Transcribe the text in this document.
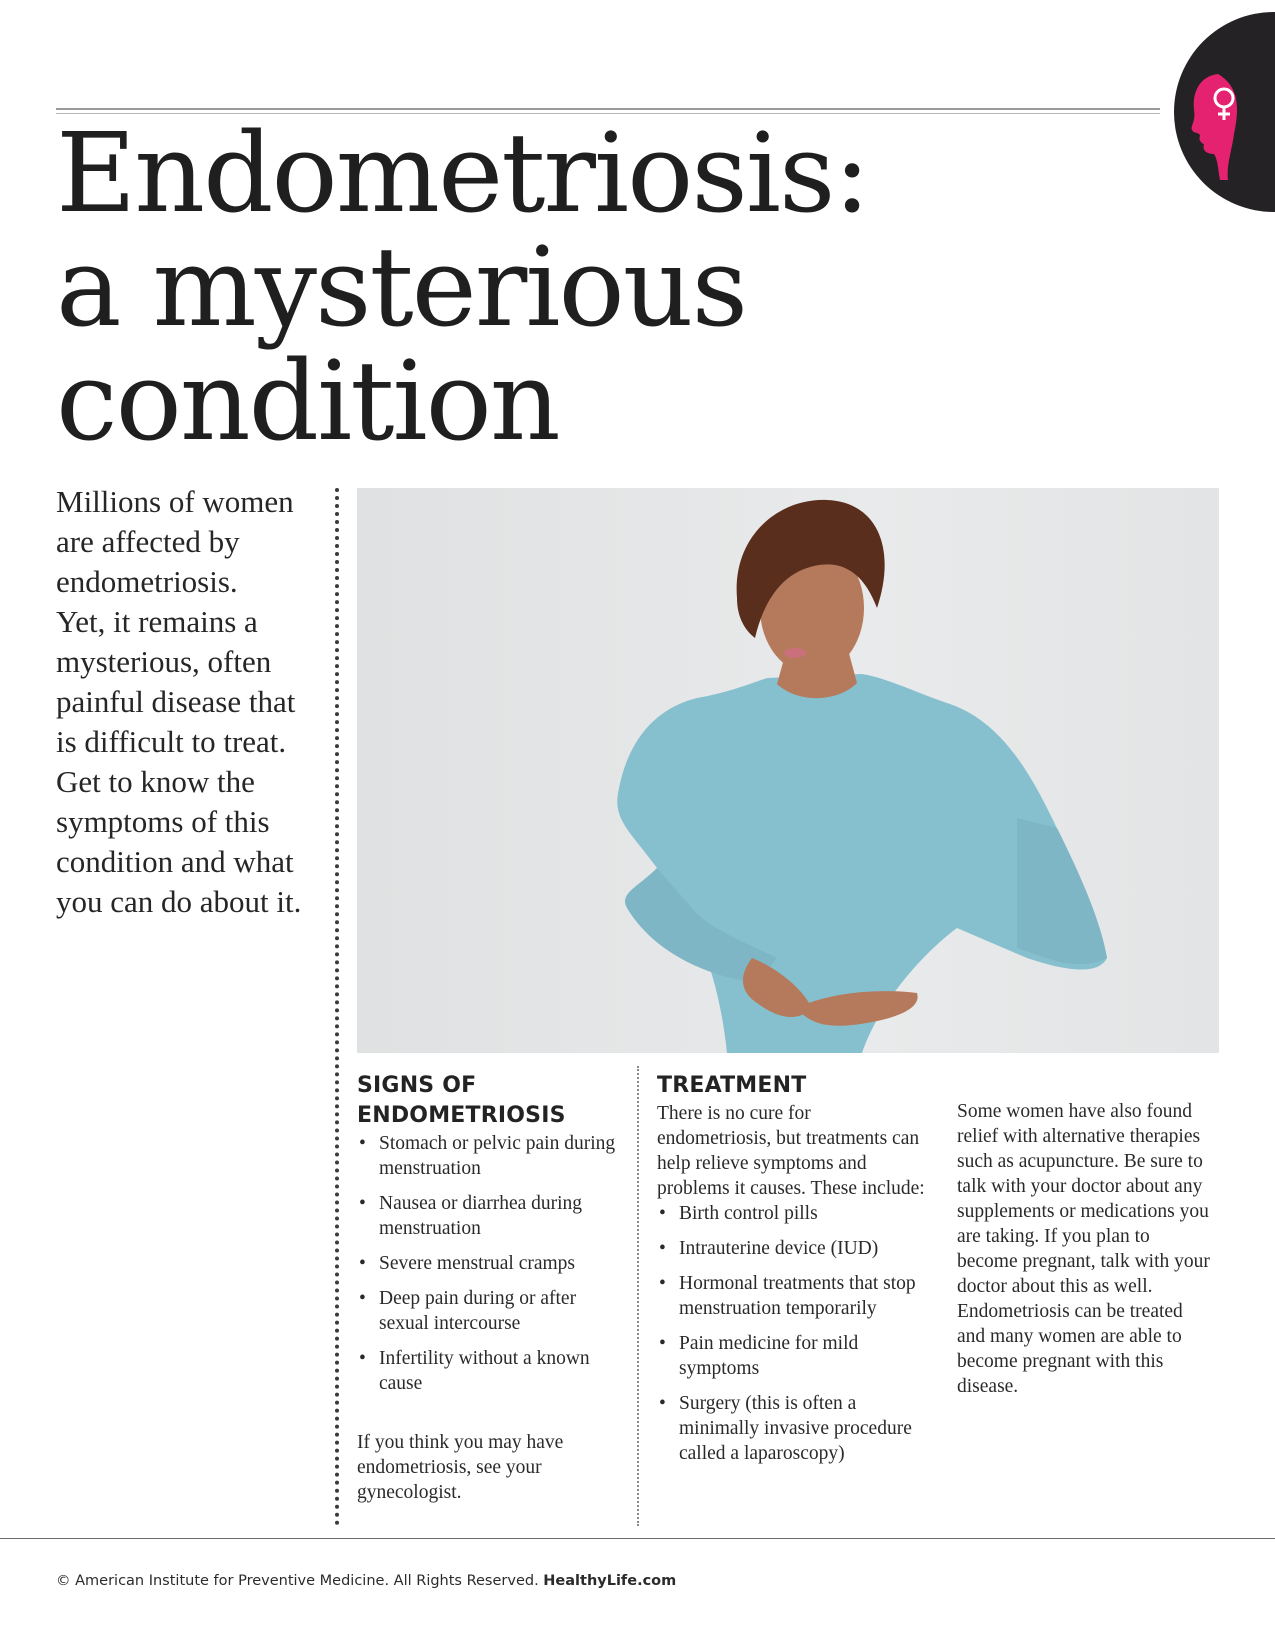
Endometriosis:
a mysterious
condition
Millions of women
are affected by
endometriosis.
Yet, it remains a
mysterious, often
painful disease that
is difficult to treat.
Get to know the
symptoms of this
condition and what
you can do about it.
SIGNS OF
ENDOMETRIOSIS
• Stomach or pelvic pain during menstruation
• Nausea or diarrhea during menstruation
• Severe menstrual cramps
• Deep pain during or after sexual intercourse
• Infertility without a known cause

If you think you may have endometriosis, see your gynecologist.

TREATMENT

There is no cure for endometriosis, but treatments can help relieve symptoms and problems it causes. These include:

• Birth control pills
• Intrauterine device (IUD)
• Hormonal treatments that stop menstruation temporarily
• Pain medicine for mild symptoms
• Surgery (this is often a minimally invasive procedure called a laparoscopy)

Some women have also found relief with alternative therapies such as acupuncture. Be sure to talk with your doctor about any supplements or medications you are taking. If you plan to become pregnant, talk with your doctor about this as well. Endometriosis can be treated and many women are able to become pregnant with this disease.

© American Institute for Preventive Medicine. All Rights Reserved. HealthyLife.com
